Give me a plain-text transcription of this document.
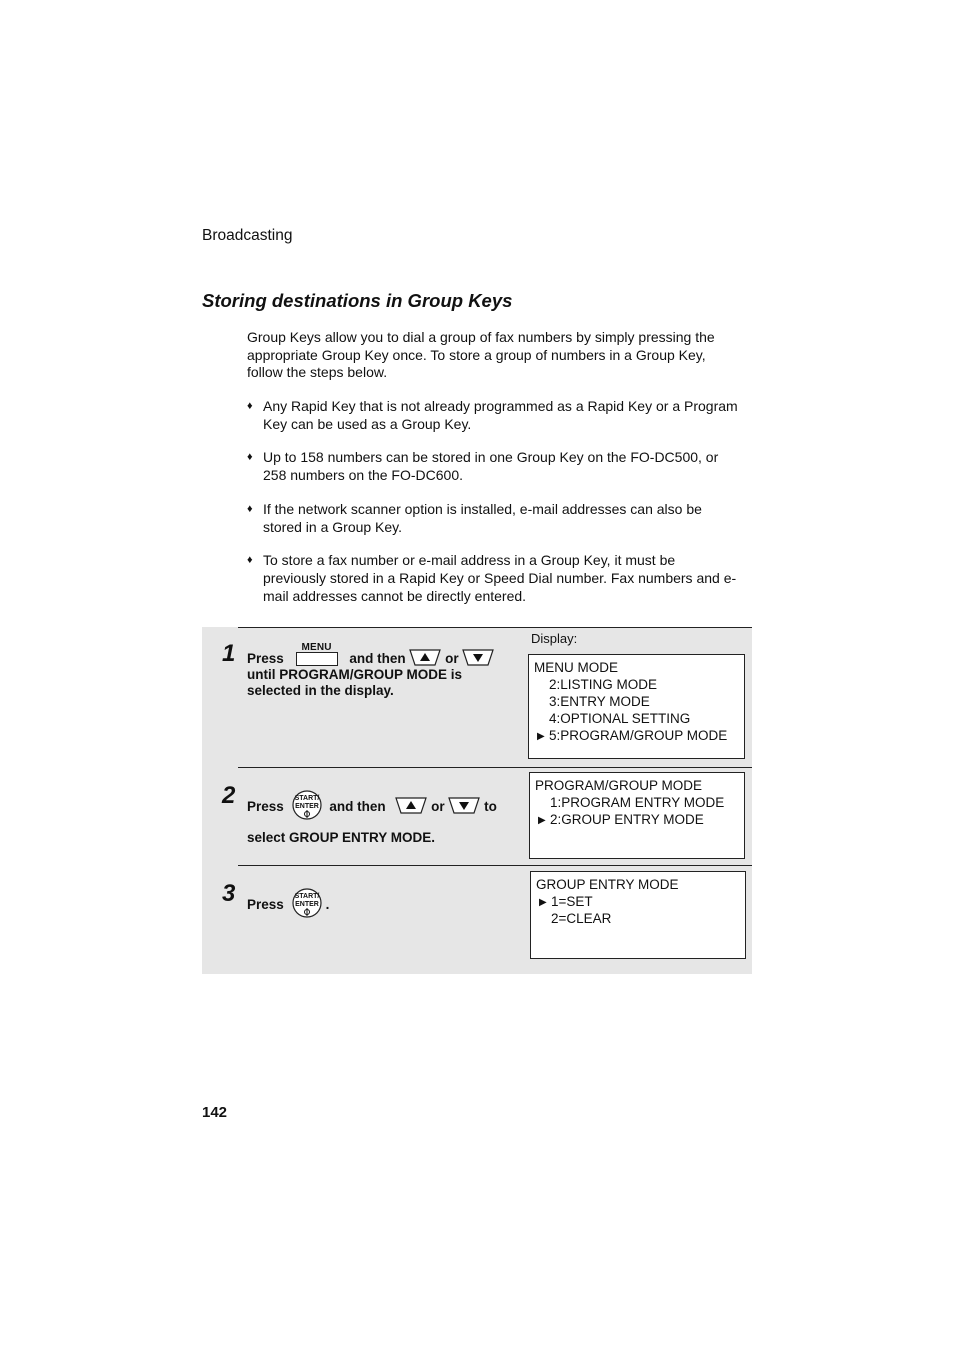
Broadcasting
Storing destinations in Group Keys
Group Keys allow you to dial a group of fax numbers by simply pressing the appropriate Group Key once. To store a group of numbers in a Group Key, follow the steps below.
♦ Any Rapid Key that is not already programmed as a Rapid Key or a Program Key can be used as a Group Key.
♦ Up to 158 numbers can be stored in one Group Key on the FO-DC500, or 258 numbers on the FO-DC600.
♦ If the network scanner option is installed, e-mail addresses can also be stored in a Group Key.
♦ To store a fax number or e-mail address in a Group Key, it must be previously stored in a Rapid Key or Speed Dial number. Fax numbers and e-mail addresses cannot be directly entered.
Display:
1 Press
MENU
and then	or
until PROGRAM/GROUP MODE is
selected in the display.
MENU MODE
2:LISTING MODE
3:ENTRY MODE
4:OPTIONAL SETTING
▶ 5:PROGRAM/GROUP MODE
2 Press
START/
ENTER and then	or	to
select GROUP ENTRY MODE.
PROGRAM/GROUP MODE
1:PROGRAM ENTRY MODE
▶ 2:GROUP ENTRY MODE
3 Press
START/
ENTER .
GROUP ENTRY MODE
▶ 1=SET
2=CLEAR
142
